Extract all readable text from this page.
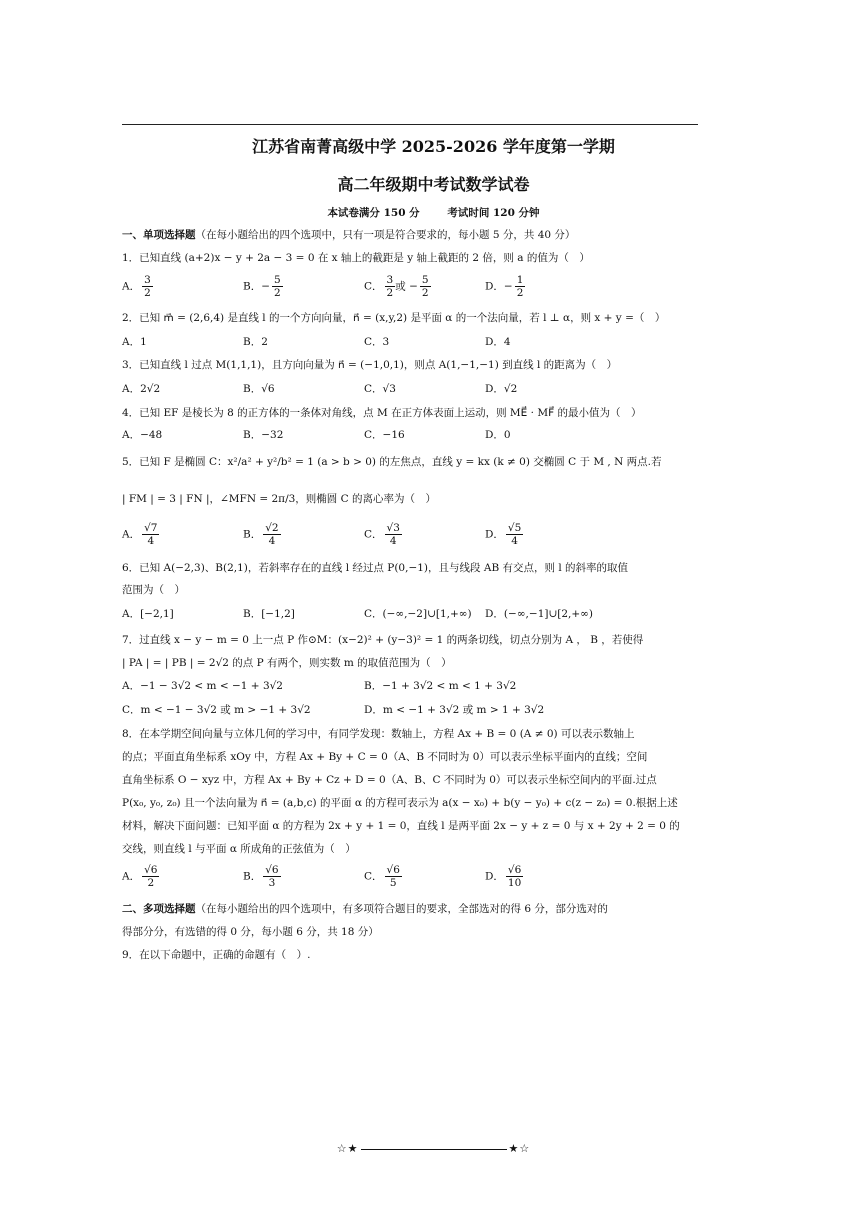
江苏省南菁高级中学 2025-2026 学年度第一学期
高二年级期中考试数学试卷
本试卷满分 150 分	考试时间 120 分钟
一、单项选择题（在每小题给出的四个选项中，只有一项是符合要求的，每小题 5 分，共 40 分）
1．已知直线 (a+2)x − y + 2a − 3 = 0 在 x 轴上的截距是 y 轴上截距的 2 倍，则 a 的值为（　）
A． $\frac{3}{2}$	B．− $\frac{5}{2}$	C． $\frac{3}{2}$ 或 − $\frac{5}{2}$	D．− $\frac{1}{2}$
2．已知 m⃗ = (2,6,4) 是直线 l 的一个方向向量，n⃗ = (x,y,2) 是平面 α 的一个法向量，若 l ⊥ α，则 x + y =（　）
A．1	B．2	C．3	D．4
3．已知直线 l 过点 M(1,1,1)，且方向向量为 n⃗ = (−1,0,1)，则点 A(1,−1,−1) 到直线 l 的距离为（　）
A．2√2	B．√6	C．√3	D．√2
4．已知 EF 是棱长为 8 的正方体的一条体对角线，点 M 在正方体表面上运动，则 ME⃗ · MF⃗ 的最小值为（　）
A．−48	B．−32	C．−16	D．0
5．已知 F 是椭圆 C：x²/a² + y²/b² = 1 (a > b > 0) 的左焦点，直线 y = kx (k ≠ 0) 交椭圆 C 于 M , N 两点.若
| FM | = 3 | FN |，∠MFN = 2π/3，则椭圆 C 的离心率为（　）
A． $\frac{√7}{4}$	B． $\frac{√2}{4}$	C． $\frac{√3}{4}$	D． $\frac{√5}{4}$
6．已知 A(−2,3)、B(2,1)，若斜率存在的直线 l 经过点 P(0,−1)，且与线段 AB 有交点，则 l 的斜率的取值
范围为（　）
A．[−2,1]	B．[−1,2]	C．(−∞,−2]∪[1,+∞) D．(−∞,−1]∪[2,+∞)
7．过直线 x − y − m = 0 上一点 P 作⊙M：(x−2)² + (y−3)² = 1 的两条切线，切点分别为 A ， B ，若使得
| PA | = | PB | = 2√2 的点 P 有两个，则实数 m 的取值范围为（　）
A．−1 − 3√2 < m < −1 + 3√2	B．−1 + 3√2 < m < 1 + 3√2
C．m < −1 − 3√2 或 m > −1 + 3√2	D．m < −1 + 3√2 或 m > 1 + 3√2
8．在本学期空间向量与立体几何的学习中，有同学发现：数轴上，方程 Ax + B = 0 (A ≠ 0) 可以表示数轴上
的点；平面直角坐标系 xOy 中，方程 Ax + By + C = 0（A、B 不同时为 0）可以表示坐标平面内的直线；空间
直角坐标系 O − xyz 中，方程 Ax + By + Cz + D = 0（A、B、C 不同时为 0）可以表示坐标空间内的平面.过点
P(x₀, y₀, z₀) 且一个法向量为 n⃗ = (a,b,c) 的平面 α 的方程可表示为 a(x − x₀) + b(y − y₀) + c(z − z₀) = 0.根据上述
材料，解决下面问题：已知平面 α 的方程为 2x + y + 1 = 0，直线 l 是两平面 2x − y + z = 0 与 x + 2y + 2 = 0 的
交线，则直线 l 与平面 α 所成角的正弦值为（　）
A． $\frac{√6}{2}$	B． $\frac{√6}{3}$	C． $\frac{√6}{5}$	D． $\frac{√6}{10}$
二、多项选择题（在每小题给出的四个选项中，有多项符合题目的要求，全部选对的得 6 分，部分选对的
得部分分，有选错的得 0 分，每小题 6 分，共 18 分）
9．在以下命题中，正确的命题有（　）.
☆★	★☆
